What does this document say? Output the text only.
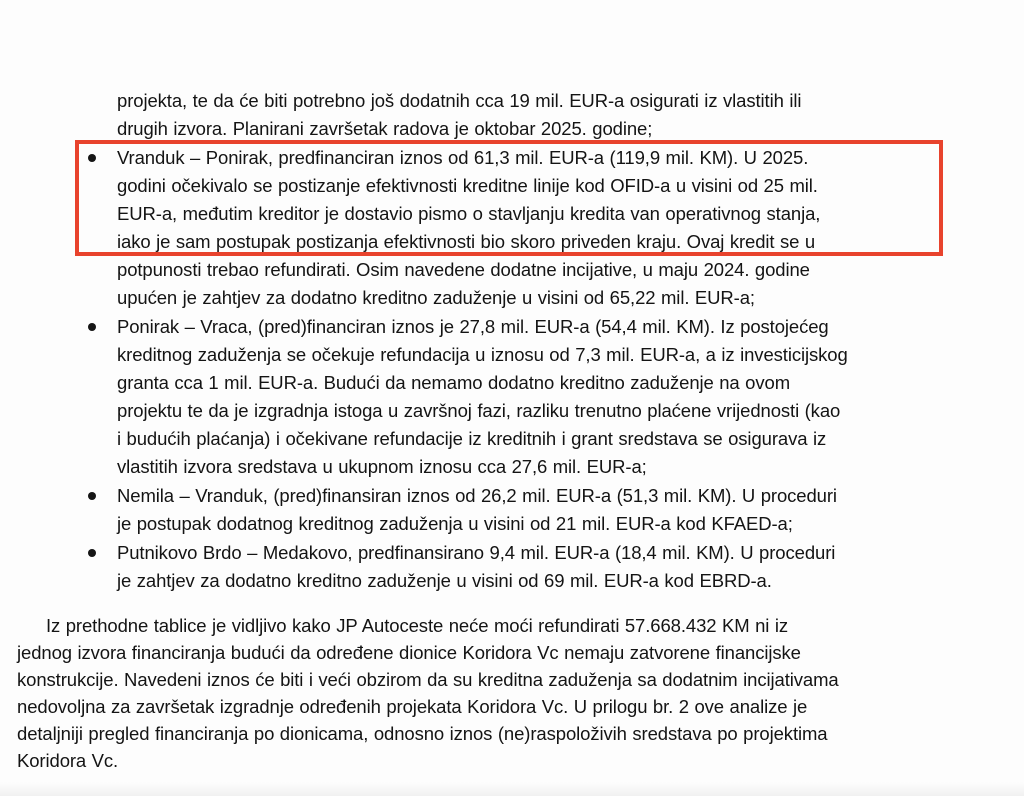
projekta, te da će biti potrebno još dodatnih cca 19 mil. EUR-a osigurati iz vlastitih ili
drugih izvora. Planirani završetak radova je oktobar 2025. godine;
Vranduk – Ponirak, predfinanciran iznos od 61,3 mil. EUR-a (119,9 mil. KM). U 2025.
godini očekivalo se postizanje efektivnosti kreditne linije kod OFID-a u visini od 25 mil.
EUR-a, međutim kreditor je dostavio pismo o stavljanju kredita van operativnog stanja,
iako je sam postupak postizanja efektivnosti bio skoro priveden kraju. Ovaj kredit se u
potpunosti trebao refundirati. Osim navedene dodatne incijative, u maju 2024. godine
upućen je zahtjev za dodatno kreditno zaduženje u visini od 65,22 mil. EUR-a;
Ponirak – Vraca, (pred)financiran iznos je 27,8 mil. EUR-a (54,4 mil. KM). Iz postojećeg
kreditnog zaduženja se očekuje refundacija u iznosu od 7,3 mil. EUR-a, a iz investicijskog
granta cca 1 mil. EUR-a. Budući da nemamo dodatno kreditno zaduženje na ovom
projektu te da je izgradnja istoga u završnoj fazi, razliku trenutno plaćene vrijednosti (kao
i budućih plaćanja) i očekivane refundacije iz kreditnih i grant sredstava se osigurava iz
vlastitih izvora sredstava u ukupnom iznosu cca 27,6 mil. EUR-a;
Nemila – Vranduk, (pred)finansiran iznos od 26,2 mil. EUR-a (51,3 mil. KM). U proceduri
je postupak dodatnog kreditnog zaduženja u visini od 21 mil. EUR-a kod KFAED-a;
Putnikovo Brdo – Medakovo, predfinansirano 9,4 mil. EUR-a (18,4 mil. KM). U proceduri
je zahtjev za dodatno kreditno zaduženje u visini od 69 mil. EUR-a kod EBRD-a.
Iz prethodne tablice je vidljivo kako JP Autoceste neće moći refundirati 57.668.432 KM ni iz
jednog izvora financiranja budući da određene dionice Koridora Vc nemaju zatvorene financijske
konstrukcije. Navedeni iznos će biti i veći obzirom da su kreditna zaduženja sa dodatnim incijativama
nedovoljna za završetak izgradnje određenih projekata Koridora Vc. U prilogu br. 2 ove analize je
detaljniji pregled financiranja po dionicama, odnosno iznos (ne)raspoloživih sredstava po projektima
Koridora Vc.
